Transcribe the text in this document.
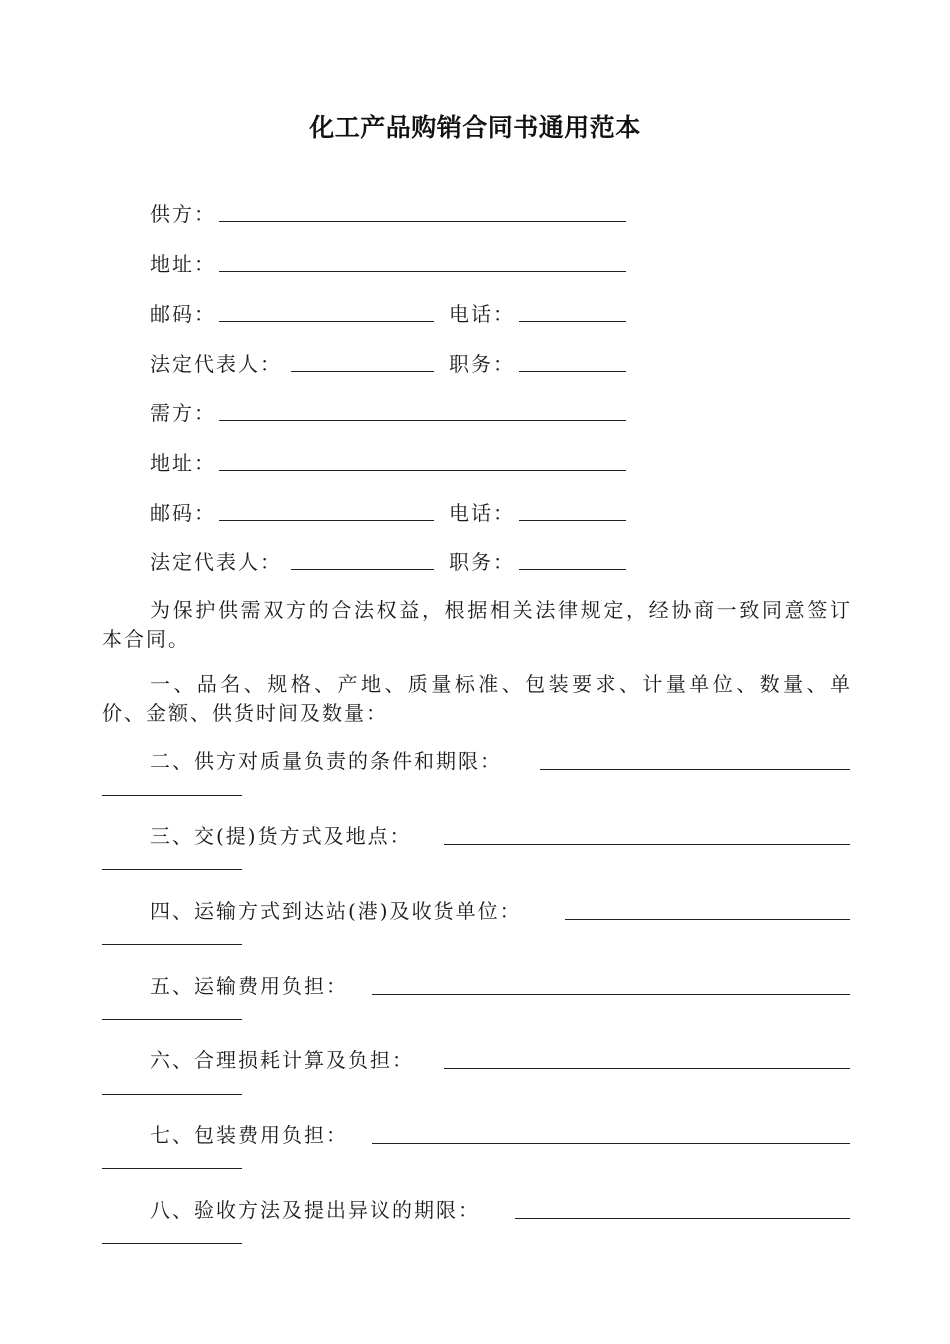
化工产品购销合同书通用范本
供方：
地址：
邮码：	电话：
法定代表人：	职务：
需方：
地址：
邮码：	电话：
法定代表人：	职务：
为保护供需双方的合法权益，根据相关法律规定，经协商一致同意签订本合同。
一、品名、规格、产地、质量标准、包装要求、计量单位、数量、单价、金额、供货时间及数量：
二、供方对质量负责的条件和期限：
三、交(提)货方式及地点：
四、运输方式到达站(港)及收货单位：
五、运输费用负担：
六、合理损耗计算及负担：
七、包装费用负担：
八、验收方法及提出异议的期限：
